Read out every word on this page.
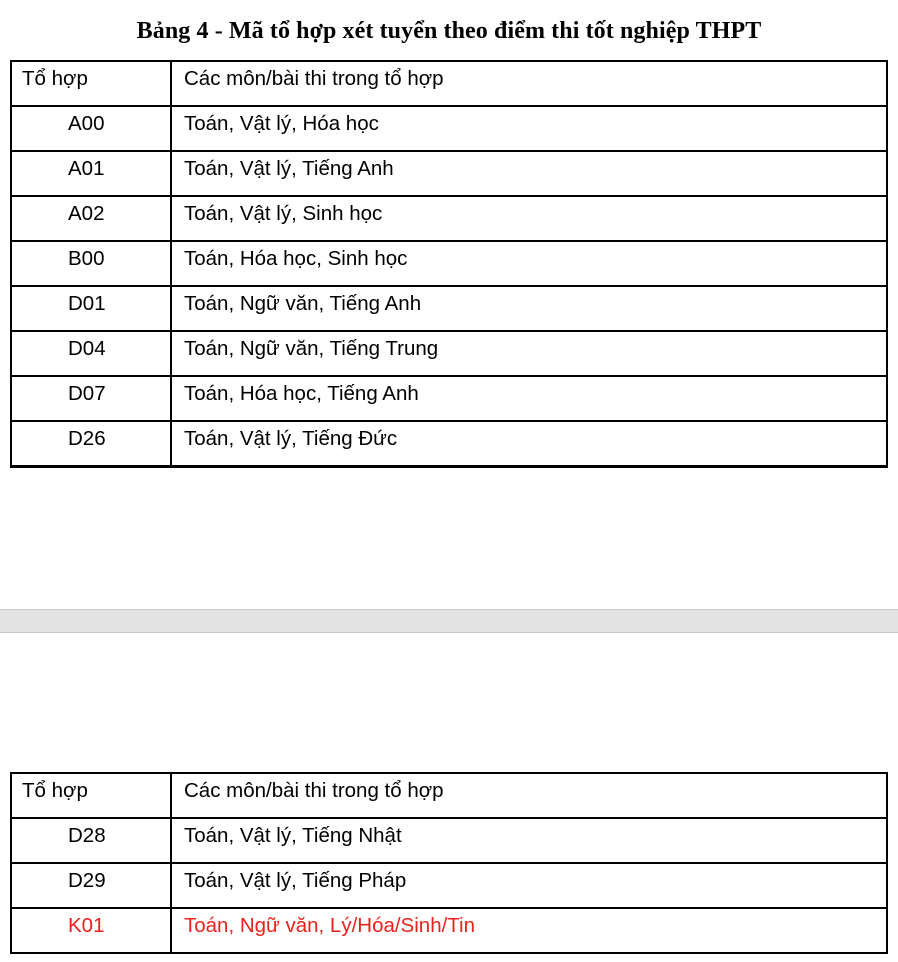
Bảng 4 - Mã tổ hợp xét tuyển theo điểm thi tốt nghiệp THPT
Tổ hợp	Các môn/bài thi trong tổ hợp
A00	Toán, Vật lý, Hóa học
A01	Toán, Vật lý, Tiếng Anh
A02	Toán, Vật lý, Sinh học
B00	Toán, Hóa học, Sinh học
D01	Toán, Ngữ văn, Tiếng Anh
D04	Toán, Ngữ văn, Tiếng Trung
D07	Toán, Hóa học, Tiếng Anh
D26	Toán, Vật lý, Tiếng Đức
Tổ hợp	Các môn/bài thi trong tổ hợp
D28	Toán, Vật lý, Tiếng Nhật
D29	Toán, Vật lý, Tiếng Pháp
K01	Toán, Ngữ văn, Lý/Hóa/Sinh/Tin
